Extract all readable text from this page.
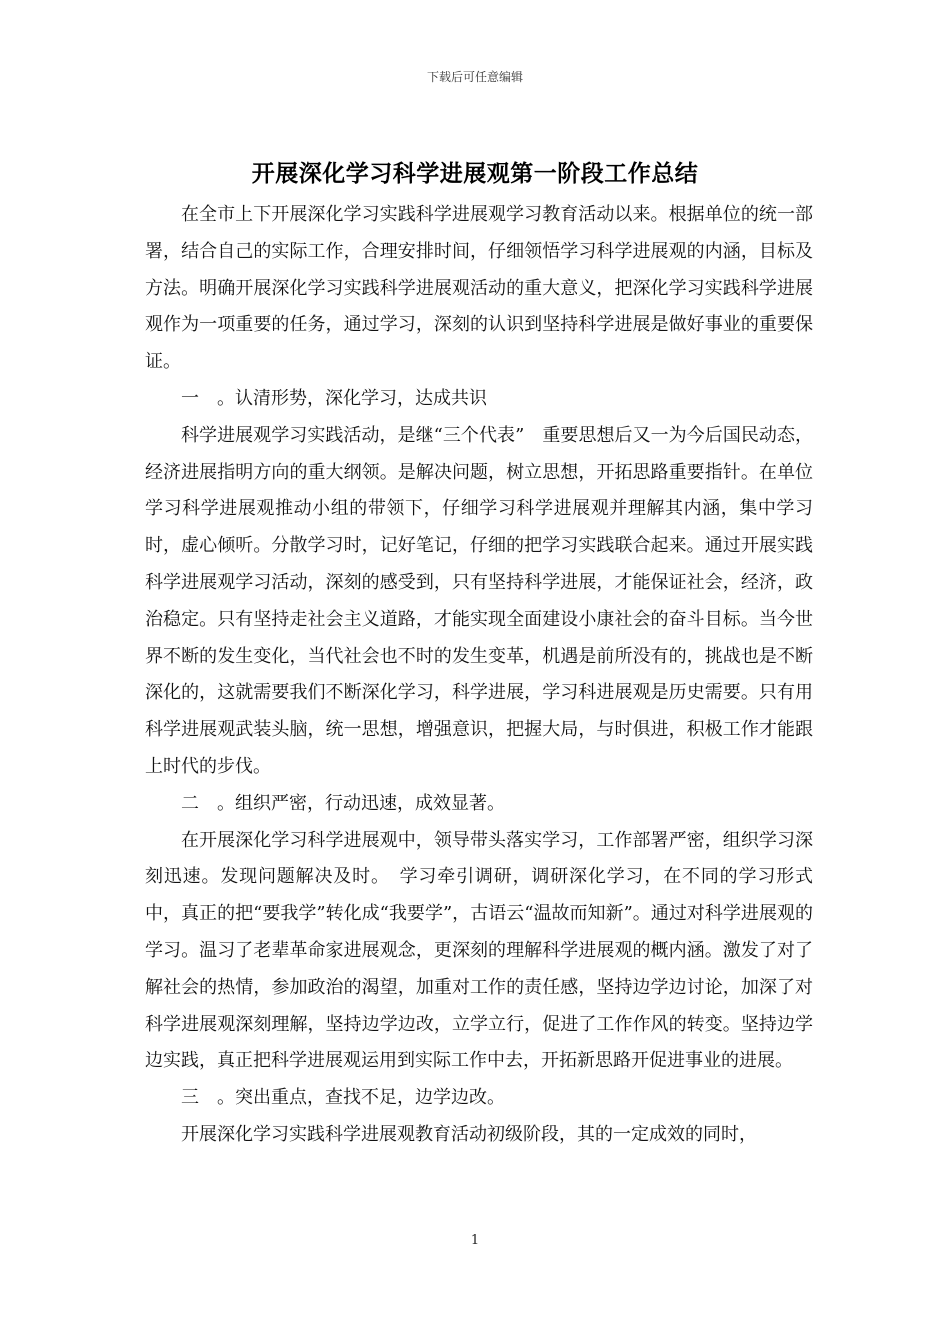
下载后可任意编辑
开展深化学习科学进展观第一阶段工作总结

在全市上下开展深化学习实践科学进展观学习教育活动以来。根据单位的统一部署，结合自己的实际工作，合理安排时间，仔细领悟学习科学进展观的内涵，目标及方法。明确开展深化学习实践科学进展观活动的重大意义，把深化学习实践科学进展观作为一项重要的任务，通过学习，深刻的认识到坚持科学进展是做好事业的重要保证。

一　。认清形势，深化学习，达成共识

科学进展观学习实践活动，是继“三个代表”　重要思想后又一为今后国民动态，经济进展指明方向的重大纲领。是解决问题，树立思想，开拓思路重要指针。在单位学习科学进展观推动小组的带领下，仔细学习科学进展观并理解其内涵，集中学习时，虚心倾听。分散学习时，记好笔记，仔细的把学习实践联合起来。通过开展实践科学进展观学习活动，深刻的感受到，只有坚持科学进展，才能保证社会，经济，政治稳定。只有坚持走社会主义道路，才能实现全面建设小康社会的奋斗目标。当今世界不断的发生变化，当代社会也不时的发生变革，机遇是前所没有的，挑战也是不断深化的，这就需要我们不断深化学习，科学进展，学习科进展观是历史需要。只有用科学进展观武装头脑，统一思想，增强意识，把握大局，与时俱进，积极工作才能跟上时代的步伐。

二　。组织严密，行动迅速，成效显著。

在开展深化学习科学进展观中，领导带头落实学习，工作部署严密，组织学习深刻迅速。发现问题解决及时。　学习牵引调研，调研深化学习，在不同的学习形式中，真正的把“要我学”转化成“我要学”，古语云“温故而知新”。通过对科学进展观的学习。温习了老辈革命家进展观念，更深刻的理解科学进展观的概内涵。激发了对了解社会的热情，参加政治的渴望，加重对工作的责任感，坚持边学边讨论，加深了对科学进展观深刻理解，坚持边学边改，立学立行，促进了工作作风的转变。坚持边学边实践，真正把科学进展观运用到实际工作中去，开拓新思路开促进事业的进展。

三　。突出重点，查找不足，边学边改。

开展深化学习实践科学进展观教育活动初级阶段，其的一定成效的同时，

1
